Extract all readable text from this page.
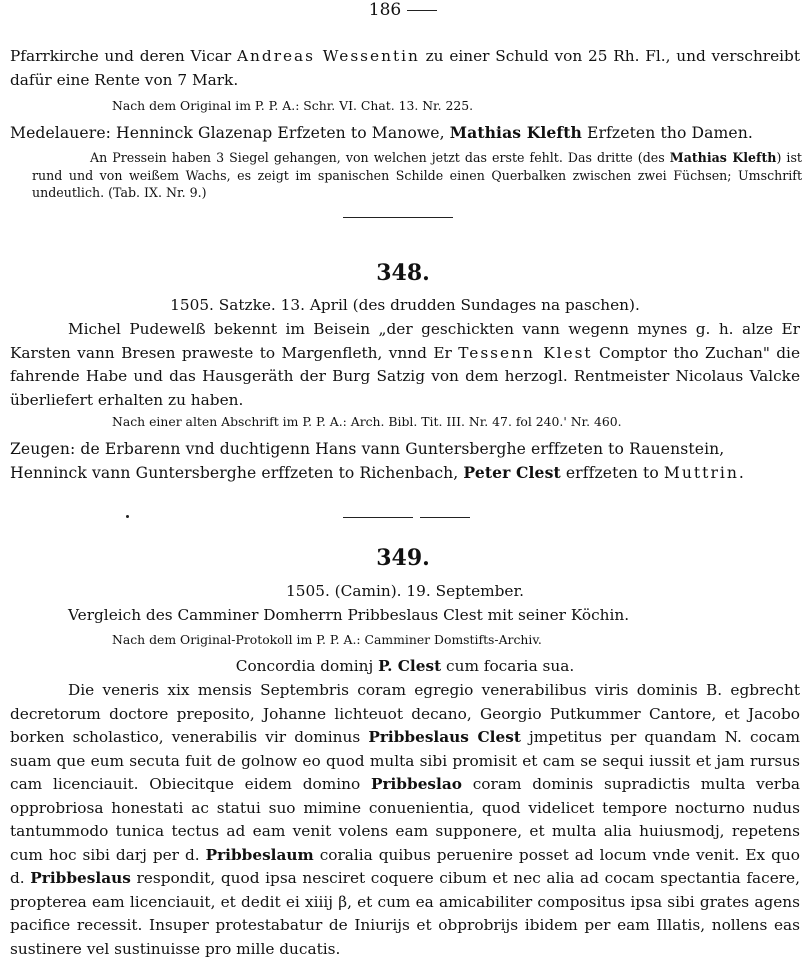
186
Pfarrkirche und deren Vicar Andreas Wessentin zu einer Schuld von 25 Rh. Fl., und verschreibt dafür eine Rente von 7 Mark.
Nach dem Original im P. P. A.: Schr. VI. Chat. 13. Nr. 225.
Medelauere: Henninck Glazenap Erfzeten to Manowe, Mathias Klefth Erfzeten tho Damen.
An Pressein haben 3 Siegel gehangen, von welchen jetzt das erste fehlt. Das dritte (des Mathias Klefth) ist rund und von weißem Wachs, es zeigt im spanischen Schilde einen Querbalken zwischen zwei Füchsen; Umschrift undeutlich. (Tab. IX. Nr. 9.)
348.
1505. Satzke. 13. April (des drudden Sundages na paschen).
Michel Pudewelß bekennt im Beisein „der geschickten vann wegenn mynes g. h. alze Er Karsten vann Bresen praweste to Margenfleth, vnnd Er Tessenn Klest Comptor tho Zuchan" die fahrende Habe und das Hausgeräth der Burg Satzig von dem herzogl. Rentmeister Nicolaus Valcke überliefert erhalten zu haben.
Nach einer alten Abschrift im P. P. A.: Arch. Bibl. Tit. III. Nr. 47. fol 240.' Nr. 460.
Zeugen: de Erbarenn vnd duchtigenn Hans vann Guntersberghe erffzeten to Rauenstein, Henninck vann Guntersberghe erffzeten to Richenbach, Peter Clest erffzeten to Muttrin.
349.
1505. (Camin). 19. September.
Vergleich des Camminer Domherrn Pribbeslaus Clest mit seiner Köchin.
Nach dem Original-Protokoll im P. P. A.: Camminer Domstifts-Archiv.
Concordia dominj P. Clest cum focaria sua.
Die veneris xix mensis Septembris coram egregio venerabilibus viris dominis B. egbrecht decretorum doctore preposito, Johanne lichteuot decano, Georgio Putkummer Cantore, et Jacobo borken scholastico, venerabilis vir dominus Pribbeslaus Clest jmpetitus per quandam N. cocam suam que eum secuta fuit de golnow eo quod multa sibi promisit et cam se sequi iussit et jam rursus cam licenciauit. Obiecitque eidem domino Pribbeslao coram dominis supradictis multa verba opprobriosa honestati ac statui suo mimine conuenientia, quod videlicet tempore nocturno nudus tantummodo tunica tectus ad eam venit volens eam supponere, et multa alia huiusmodj, repetens cum hoc sibi darj per d. Pribbeslaum coralia quibus peruenire posset ad locum vnde venit. Ex quo d. Pribbeslaus respondit, quod ipsa nesciret coquere cibum et nec alia ad cocam spectantia facere, propterea eam licenciauit, et dedit ei xiiij β, et cum ea amicabiliter compositus ipsa sibi grates agens pacifice recessit. Insuper protestabatur de Iniurijs et obprobrijs ibidem per eam Illatis, nollens eas sustinere vel sustinuisse pro mille ducatis.
